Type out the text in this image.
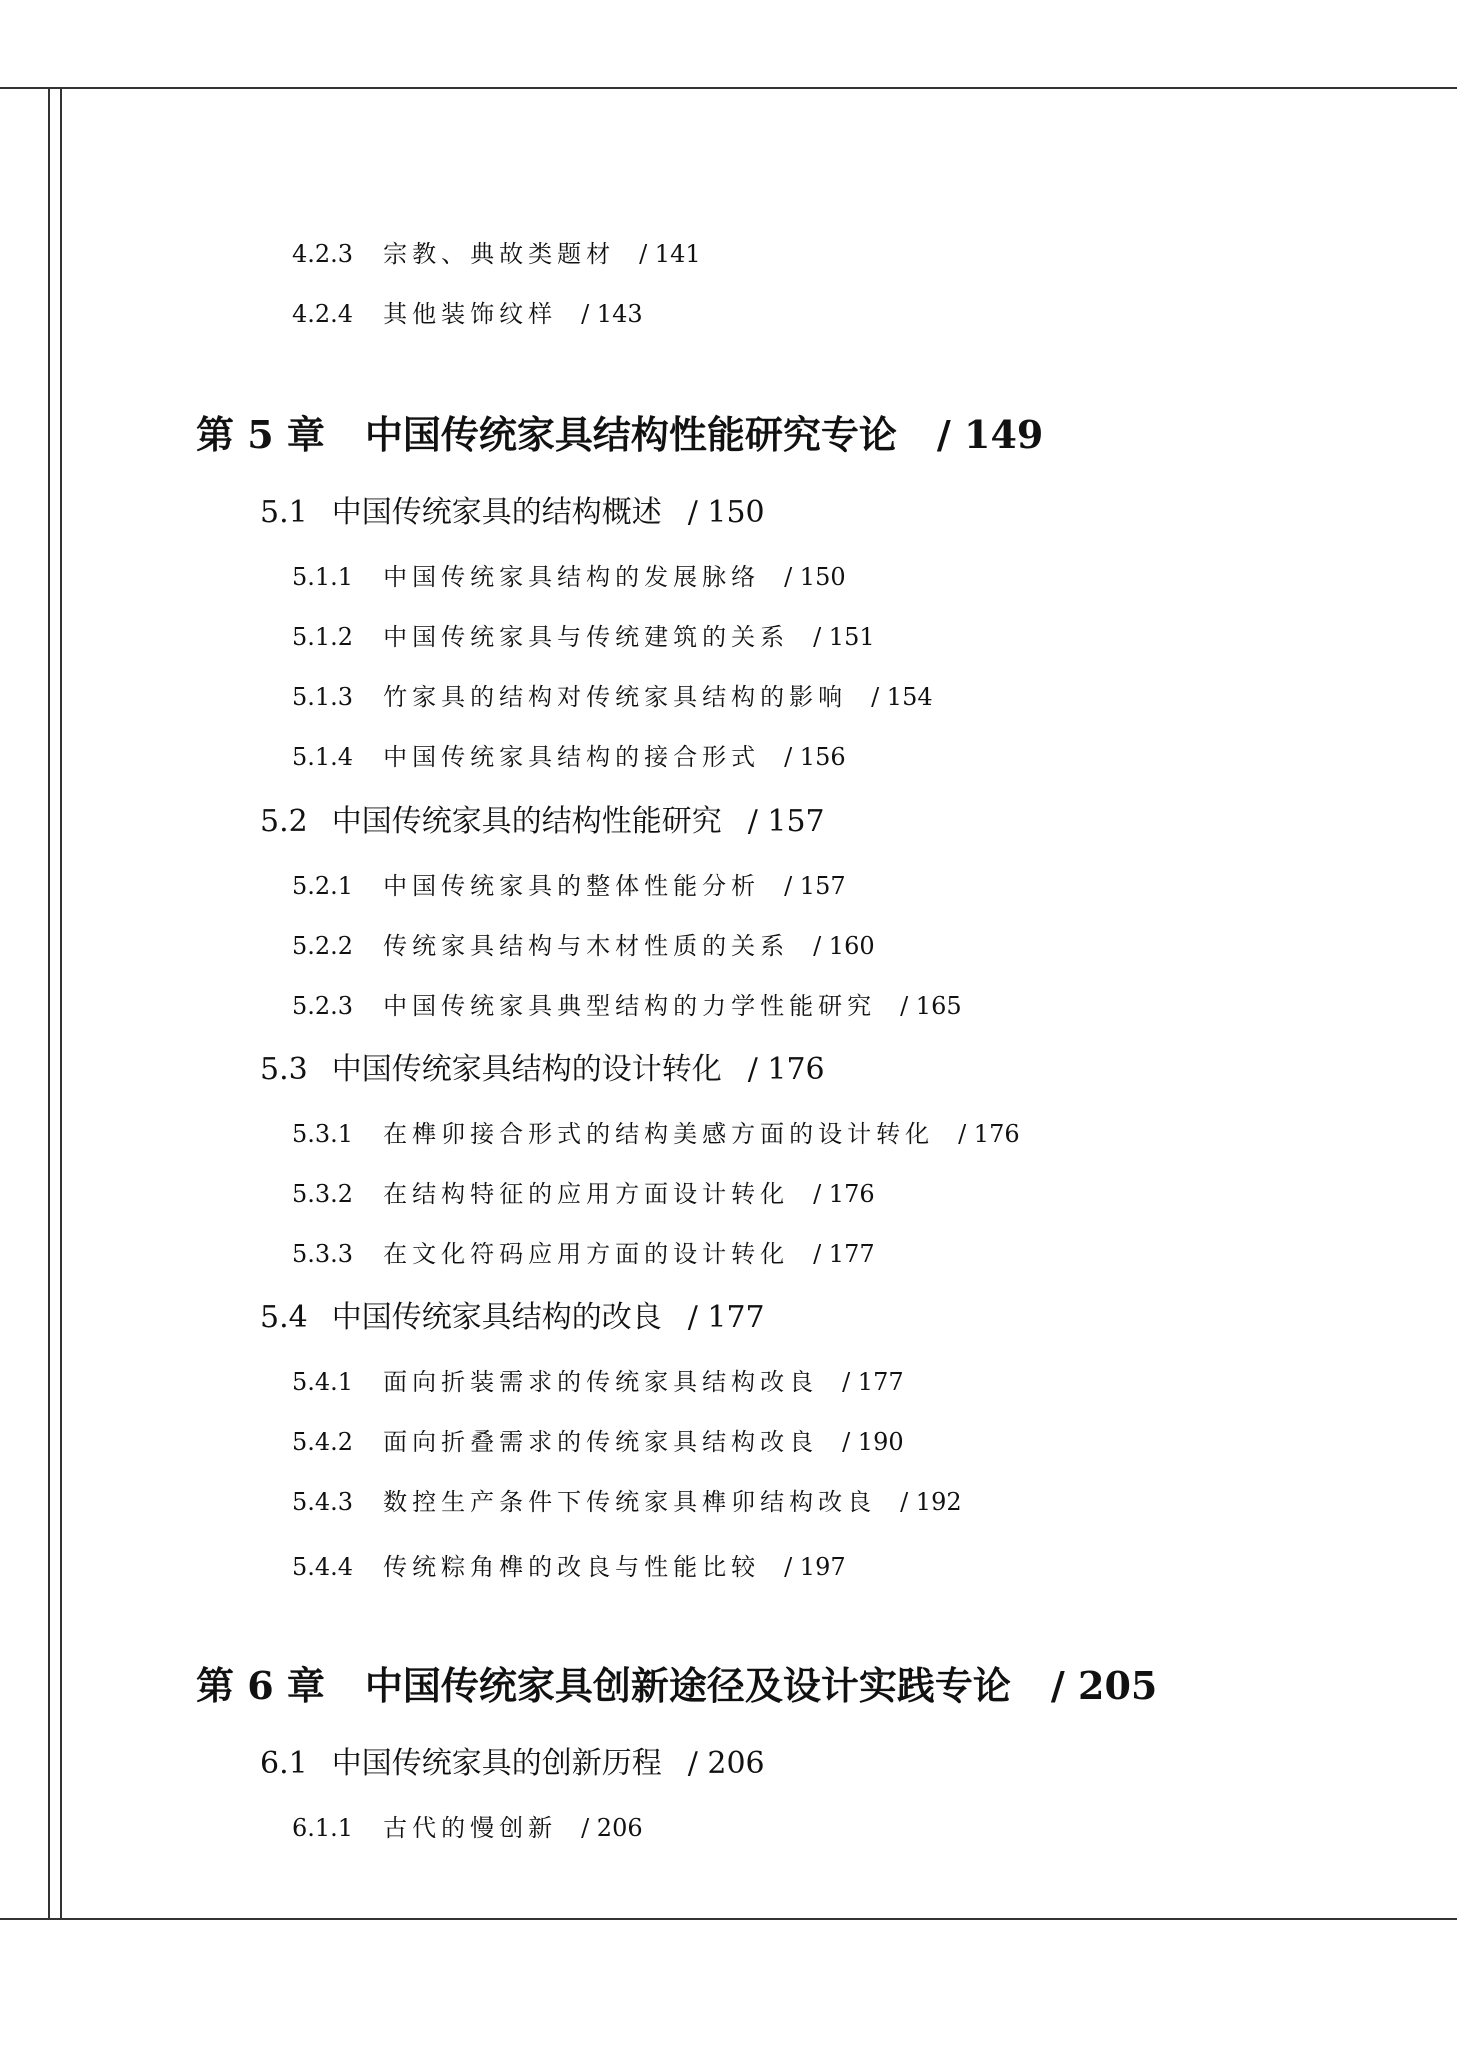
4.2.3 宗教、典故类题材 / 141
4.2.4 其他装饰纹样 / 143
第 5 章 中国传统家具结构性能研究专论 / 149
5.1 中国传统家具的结构概述 / 150
5.1.1 中国传统家具结构的发展脉络 / 150
5.1.2 中国传统家具与传统建筑的关系 / 151
5.1.3 竹家具的结构对传统家具结构的影响 / 154
5.1.4 中国传统家具结构的接合形式 / 156
5.2 中国传统家具的结构性能研究 / 157
5.2.1 中国传统家具的整体性能分析 / 157
5.2.2 传统家具结构与木材性质的关系 / 160
5.2.3 中国传统家具典型结构的力学性能研究 / 165
5.3 中国传统家具结构的设计转化 / 176
5.3.1 在榫卯接合形式的结构美感方面的设计转化 / 176
5.3.2 在结构特征的应用方面设计转化 / 176
5.3.3 在文化符码应用方面的设计转化 / 177
5.4 中国传统家具结构的改良 / 177
5.4.1 面向折装需求的传统家具结构改良 / 177
5.4.2 面向折叠需求的传统家具结构改良 / 190
5.4.3 数控生产条件下传统家具榫卯结构改良 / 192
5.4.4 传统粽角榫的改良与性能比较 / 197
第 6 章 中国传统家具创新途径及设计实践专论 / 205
6.1 中国传统家具的创新历程 / 206
6.1.1 古代的慢创新 / 206
